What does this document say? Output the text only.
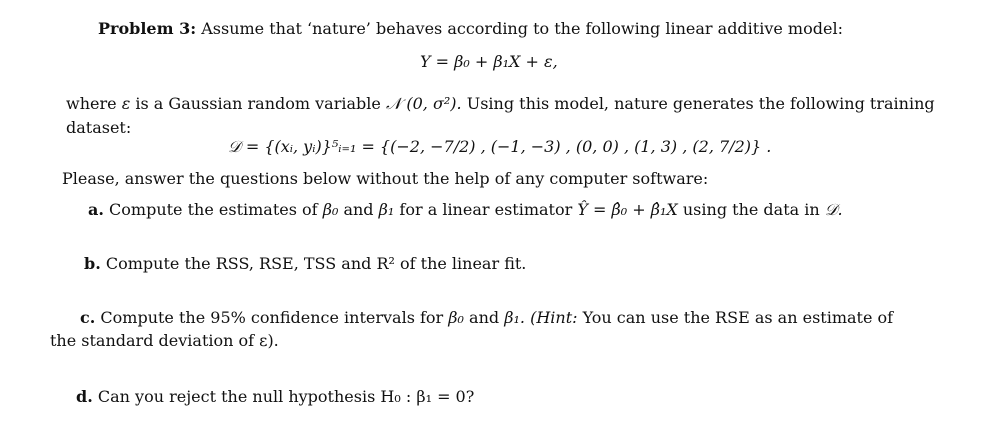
Problem 3: Assume that ‘nature’ behaves according to the following linear additive model:
Y = β₀ + β₁X + ε,
where ε is a Gaussian random variable 𝒩 (0, σ²). Using this model, nature generates the following training
dataset:
𝒟 = {(xᵢ, yᵢ)}⁵ᵢ₌₁ = {(−2, −7/2) , (−1, −3) , (0, 0) , (1, 3) , (2, 7/2)} .
Please, answer the questions below without the help of any computer software:
a. Compute the estimates of β₀ and β₁ for a linear estimator Ŷ = β̂₀ + β̂₁X using the data in 𝒟.
b. Compute the RSS, RSE, TSS and R² of the linear fit.
c. Compute the 95% confidence intervals for β₀ and β₁. (Hint: You can use the RSE as an estimate of
the standard deviation of ε).
d. Can you reject the null hypothesis H₀ : β₁ = 0?
